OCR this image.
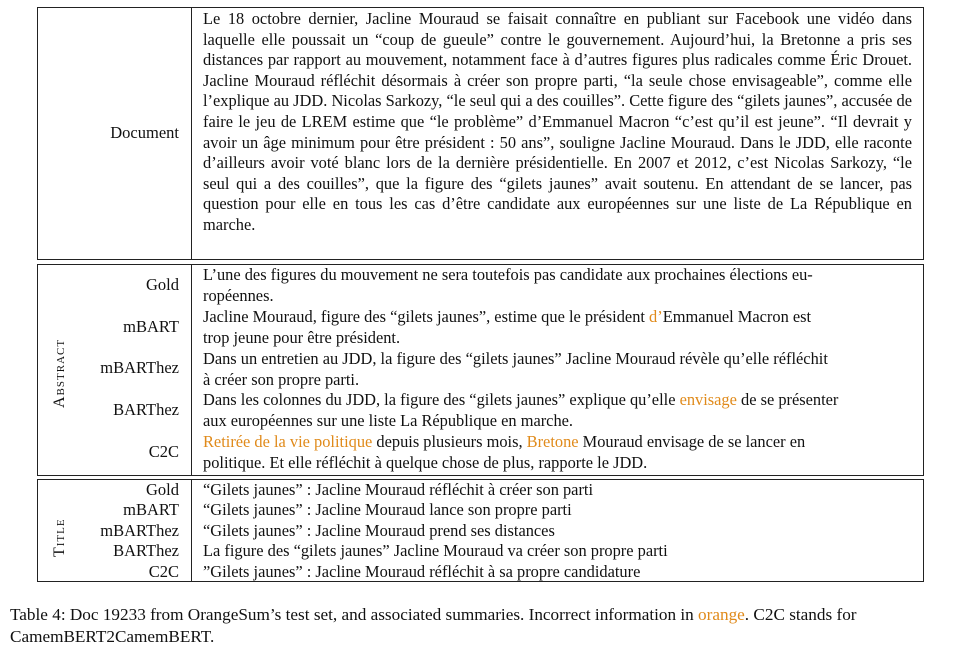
Document
Le 18 octobre dernier, Jacline Mouraud se faisait connaître en publiant sur Facebook une vidéo dans laquelle elle poussait un “coup de gueule” contre le gouvernement. Aujourd’hui, la Bretonne a pris ses distances par rapport au mouvement, notamment face à d’autres figures plus radicales comme Éric Drouet. Jacline Mouraud réfléchit désormais à créer son propre parti, “la seule chose envisageable”, comme elle l’explique au JDD. Nicolas Sarkozy, “le seul qui a des couilles”. Cette figure des “gilets jaunes”, accusée de faire le jeu de LREM estime que “le problème” d’Emmanuel Macron “c’est qu’il est jeune”. “Il devrait y avoir un âge minimum pour être président : 50 ans”, souligne Jacline Mouraud. Dans le JDD, elle raconte d’ailleurs avoir voté blanc lors de la dernière présidentielle. En 2007 et 2012, c’est Nicolas Sarkozy, “le seul qui a des couilles”, que la figure des “gilets jaunes” avait soutenu. En attendant de se lancer, pas question pour elle en tous les cas d’être candidate aux européennes sur une liste de La République en marche.
Abstract
Gold
mBART
mBARThez
BARThez
C2C
L’une des figures du mouvement ne sera toutefois pas candidate aux prochaines élections eu-
ropéennes.
Jacline Mouraud, figure des “gilets jaunes”, estime que le président d’Emmanuel Macron est
trop jeune pour être président.
Dans un entretien au JDD, la figure des “gilets jaunes” Jacline Mouraud révèle qu’elle réfléchit
à créer son propre parti.
Dans les colonnes du JDD, la figure des “gilets jaunes” explique qu’elle envisage de se présenter
aux européennes sur une liste La République en marche.
Retirée de la vie politique depuis plusieurs mois, Bretone Mouraud envisage de se lancer en
politique. Et elle réfléchit à quelque chose de plus, rapporte le JDD.
Title
Gold
mBART
mBARThez
BARThez
C2C
“Gilets jaunes” : Jacline Mouraud réfléchit à créer son parti
“Gilets jaunes” : Jacline Mouraud lance son propre parti
“Gilets jaunes” : Jacline Mouraud prend ses distances
La figure des “gilets jaunes” Jacline Mouraud va créer son propre parti
”Gilets jaunes” : Jacline Mouraud réfléchit à sa propre candidature
Table 4: Doc 19233 from OrangeSum’s test set, and associated summaries. Incorrect information in orange. C2C stands for CamemBERT2CamemBERT.
